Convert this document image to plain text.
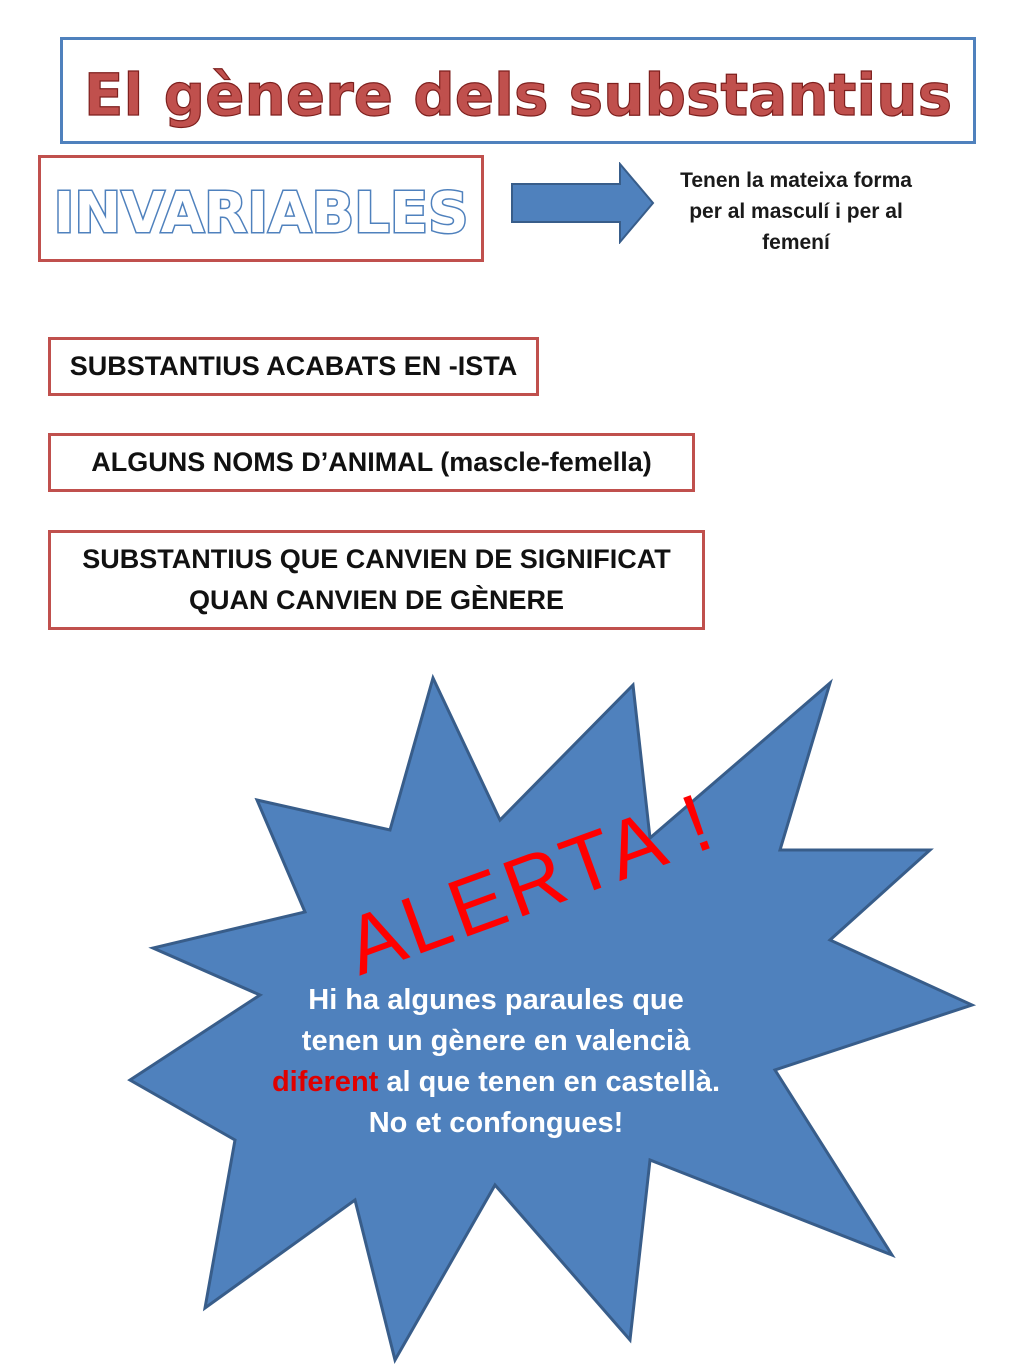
El gènere dels substantius
INVARIABLES
Tenen la mateixa forma per al masculí i per al femení
SUBSTANTIUS ACABATS EN -ISTA
ALGUNS NOMS D’ANIMAL (mascle-femella)
SUBSTANTIUS QUE CANVIEN DE SIGNIFICAT QUAN CANVIEN DE GÈNERE
ALERTA !
Hi ha algunes paraules que tenen un gènere en valencià diferent al que tenen en castellà. No et confongues!
